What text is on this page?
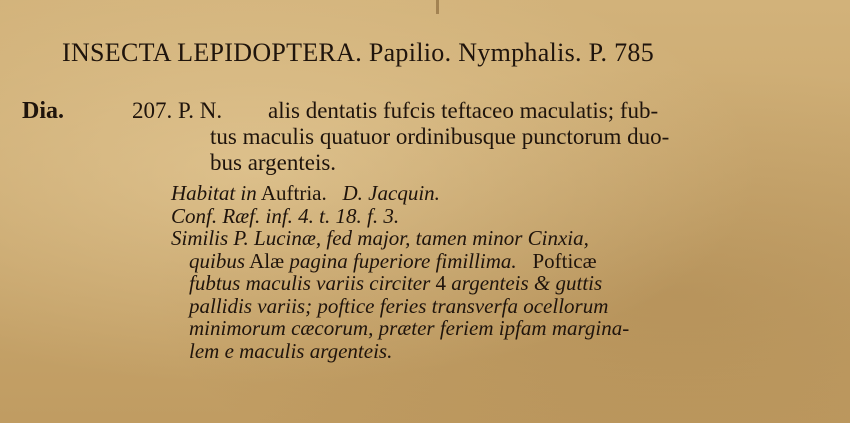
INSECTA LEPIDOPTERA. Papilio. Nymphalis. P. 785
Dia.	207. P. N.	alis dentatis fufcis teftaceo maculatis; fub-
tus maculis quatuor ordinibusque punctorum duo-
bus argenteis.
Habitat in Auftria. D. Jacquin.
Conf. Ræf. inf. 4. t. 18. f. 3.
Similis P. Lucinæ, fed major, tamen minor Cinxia,
quibus Alæ pagina fuperiore fimillima. Pofticæ
fubtus maculis variis circiter 4 argenteis & guttis
pallidis variis; poftice feries transverfa ocellorum
minimorum cæcorum, præter feriem ipfam margina-
lem e maculis argenteis.
